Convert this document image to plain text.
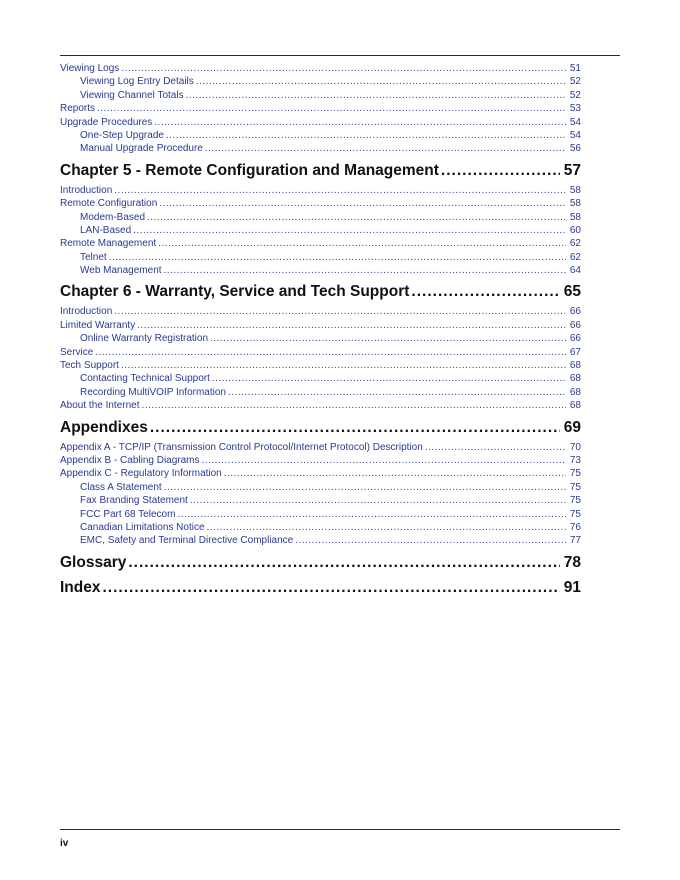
Viewing Logs .....	51
Viewing Log Entry Details .....	52
Viewing Channel Totals .....	52
Reports .....	53
Upgrade Procedures .....	54
One-Step Upgrade .....	54
Manual Upgrade Procedure .....	56
Chapter 5 - Remote Configuration and Management .....	57
Introduction .....	58
Remote Configuration .....	58
Modem-Based .....	58
LAN-Based .....	60
Remote Management .....	62
Telnet .....	62
Web Management .....	64
Chapter 6 - Warranty, Service and Tech Support .....	65
Introduction .....	66
Limited Warranty .....	66
Online Warranty Registration .....	66
Service .....	67
Tech Support .....	68
Contacting Technical Support .....	68
Recording MultiVOIP Information .....	68
About the Internet .....	68
Appendixes .....	69
Appendix A - TCP/IP (Transmission Control Protocol/Internet Protocol) Description .....	70
Appendix B - Cabling Diagrams .....	73
Appendix C - Regulatory Information .....	75
Class A Statement .....	75
Fax Branding Statement .....	75
FCC Part 68 Telecom .....	75
Canadian Limitations Notice .....	76
EMC, Safety and Terminal Directive Compliance .....	77
Glossary .....	78
Index .....	91
iv
